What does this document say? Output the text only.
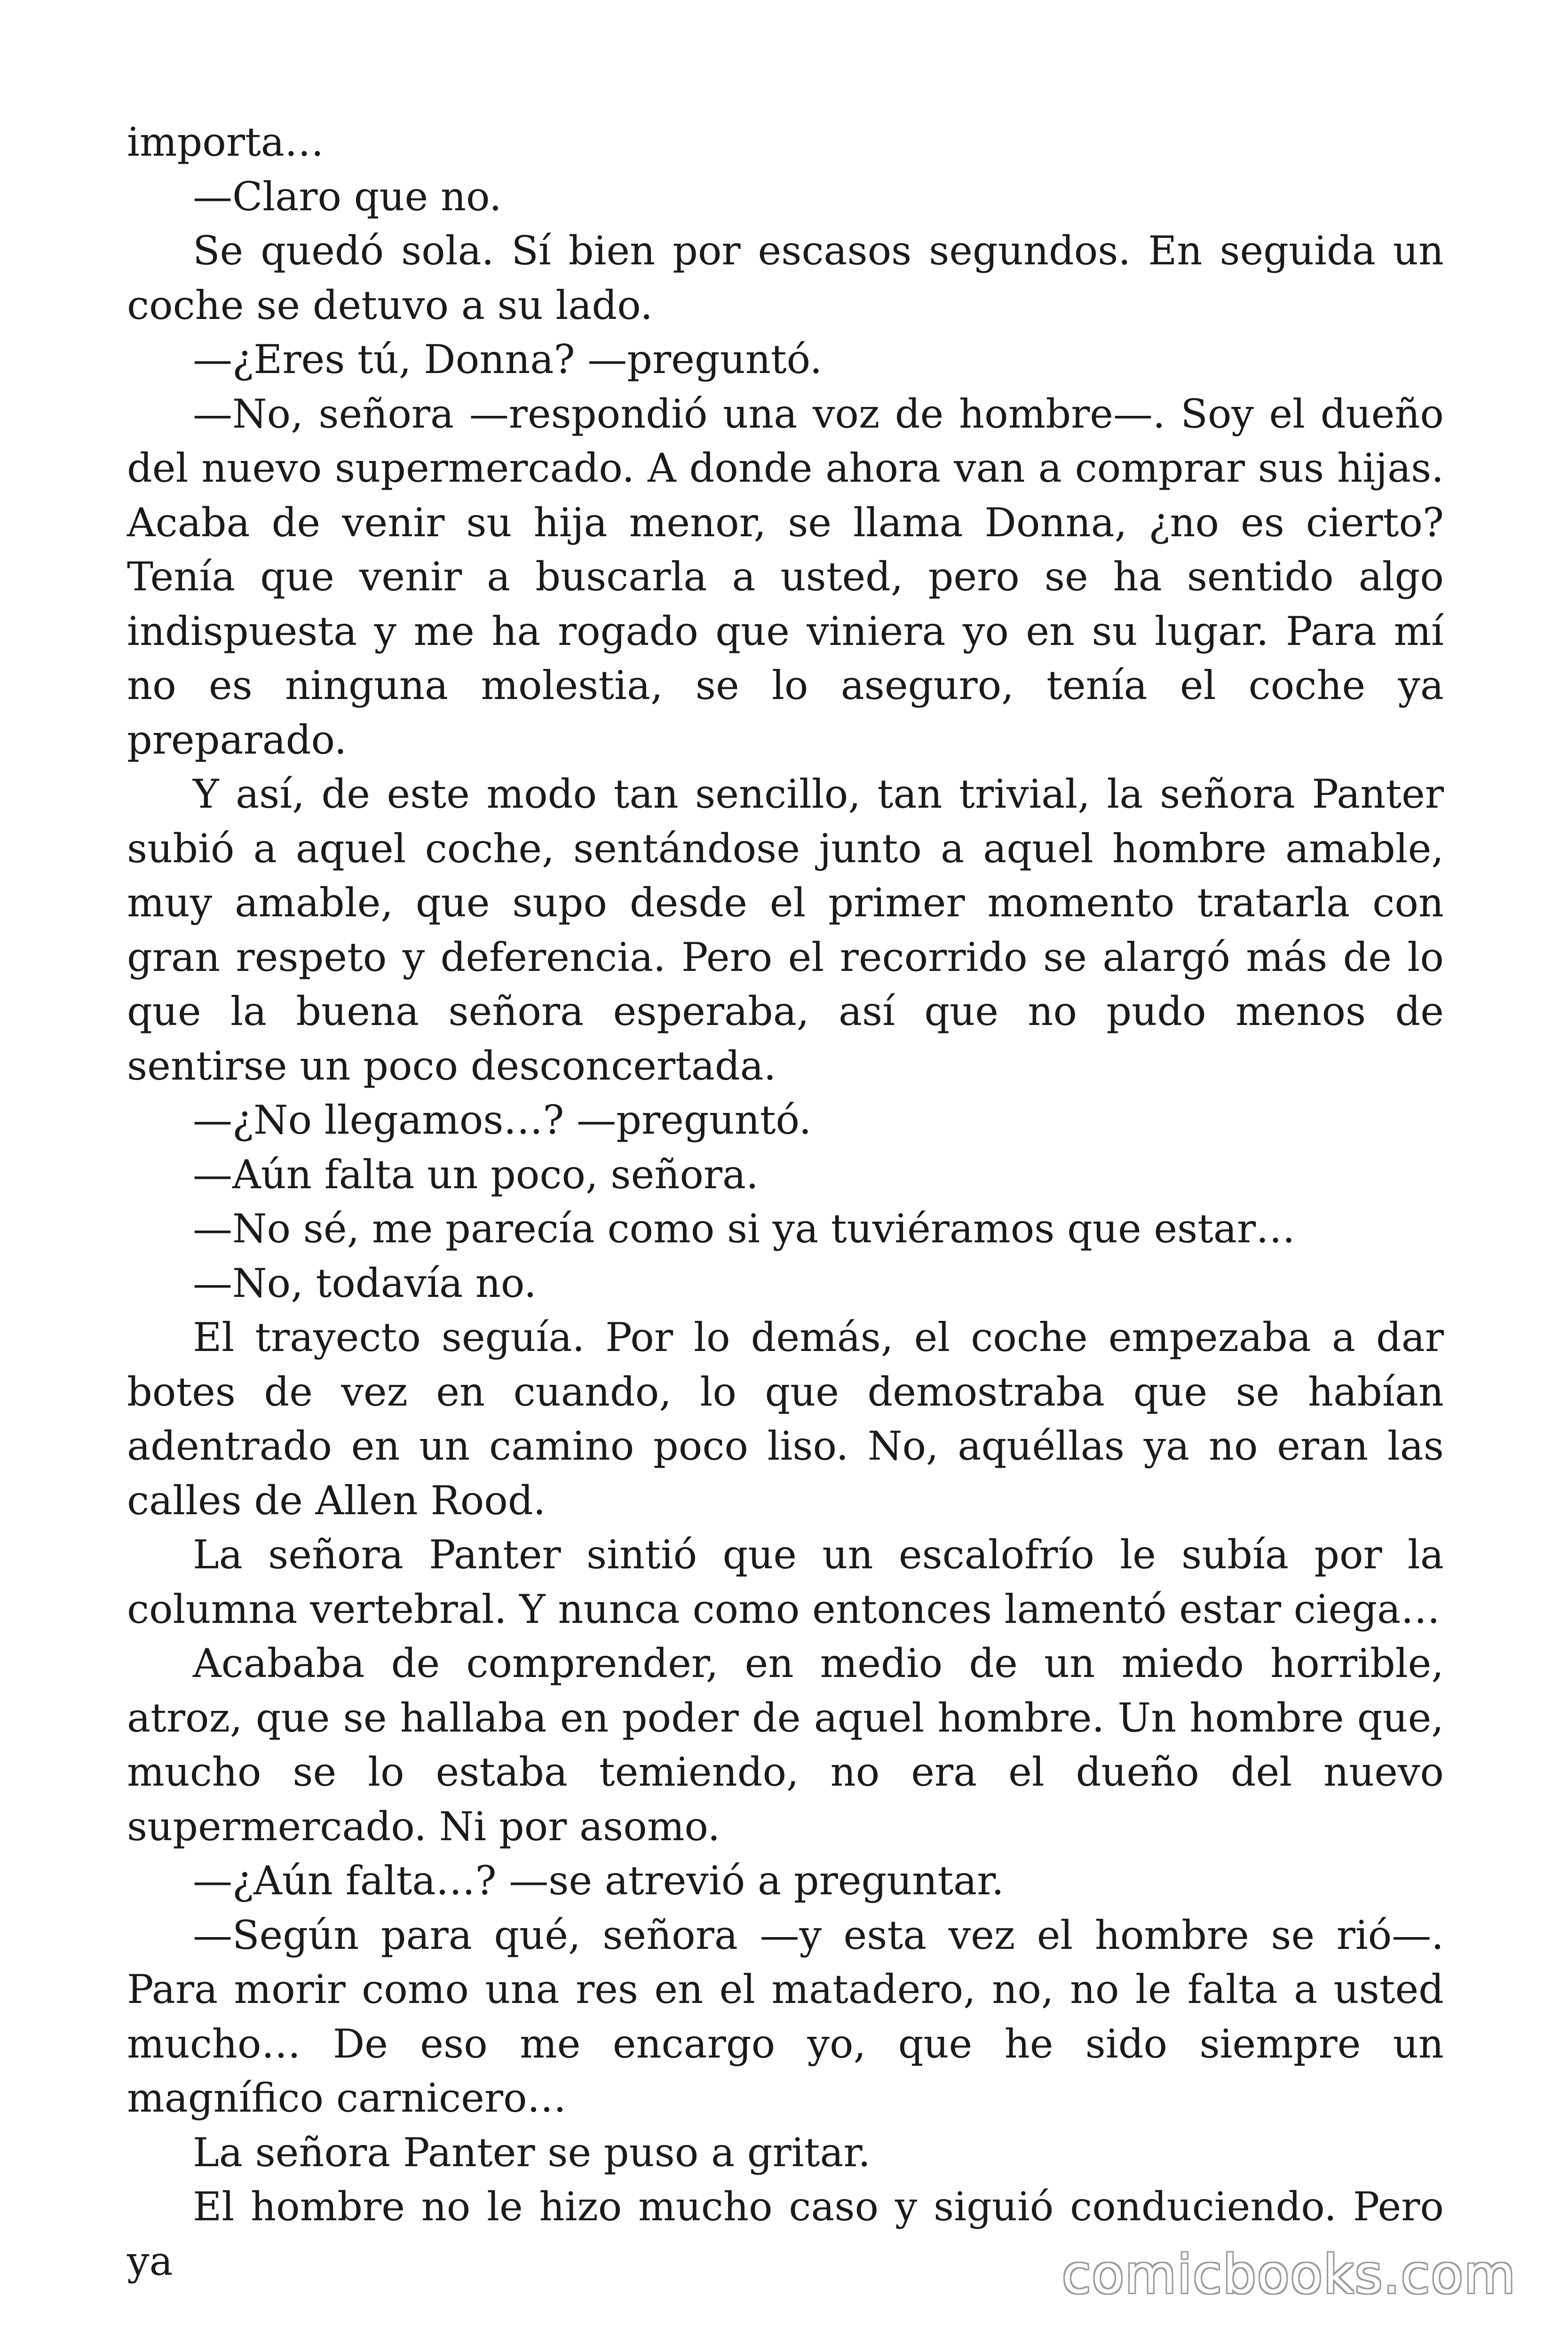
importa…

—Claro que no.

Se quedó sola. Sí bien por escasos segundos. En seguida un coche se detuvo a su lado.

—¿Eres tú, Donna? —preguntó.

—No, señora —respondió una voz de hombre—. Soy el dueño del nuevo supermercado. A donde ahora van a comprar sus hijas. Acaba de venir su hija menor, se llama Donna, ¿no es cierto? Tenía que venir a buscarla a usted, pero se ha sentido algo indispuesta y me ha rogado que viniera yo en su lugar. Para mí no es ninguna molestia, se lo aseguro, tenía el coche ya preparado.

Y así, de este modo tan sencillo, tan trivial, la señora Panter subió a aquel coche, sentándose junto a aquel hombre amable, muy amable, que supo desde el primer momento tratarla con gran respeto y deferencia. Pero el recorrido se alargó más de lo que la buena señora esperaba, así que no pudo menos de sentirse un poco desconcertada.

—¿No llegamos…? —preguntó.

—Aún falta un poco, señora.

—No sé, me parecía como si ya tuviéramos que estar…

—No, todavía no.

El trayecto seguía. Por lo demás, el coche empezaba a dar botes de vez en cuando, lo que demostraba que se habían adentrado en un camino poco liso. No, aquéllas ya no eran las calles de Allen Rood.

La señora Panter sintió que un escalofrío le subía por la columna vertebral. Y nunca como entonces lamentó estar ciega…

Acababa de comprender, en medio de un miedo horrible, atroz, que se hallaba en poder de aquel hombre. Un hombre que, mucho se lo estaba temiendo, no era el dueño del nuevo supermercado. Ni por asomo.

—¿Aún falta…? —se atrevió a preguntar.

—Según para qué, señora —y esta vez el hombre se rió—. Para morir como una res en el matadero, no, no le falta a usted mucho… De eso me encargo yo, que he sido siempre un magnífico carnicero…

La señora Panter se puso a gritar.

El hombre no le hizo mucho caso y siguió conduciendo. Pero ya	comicbooks.com
